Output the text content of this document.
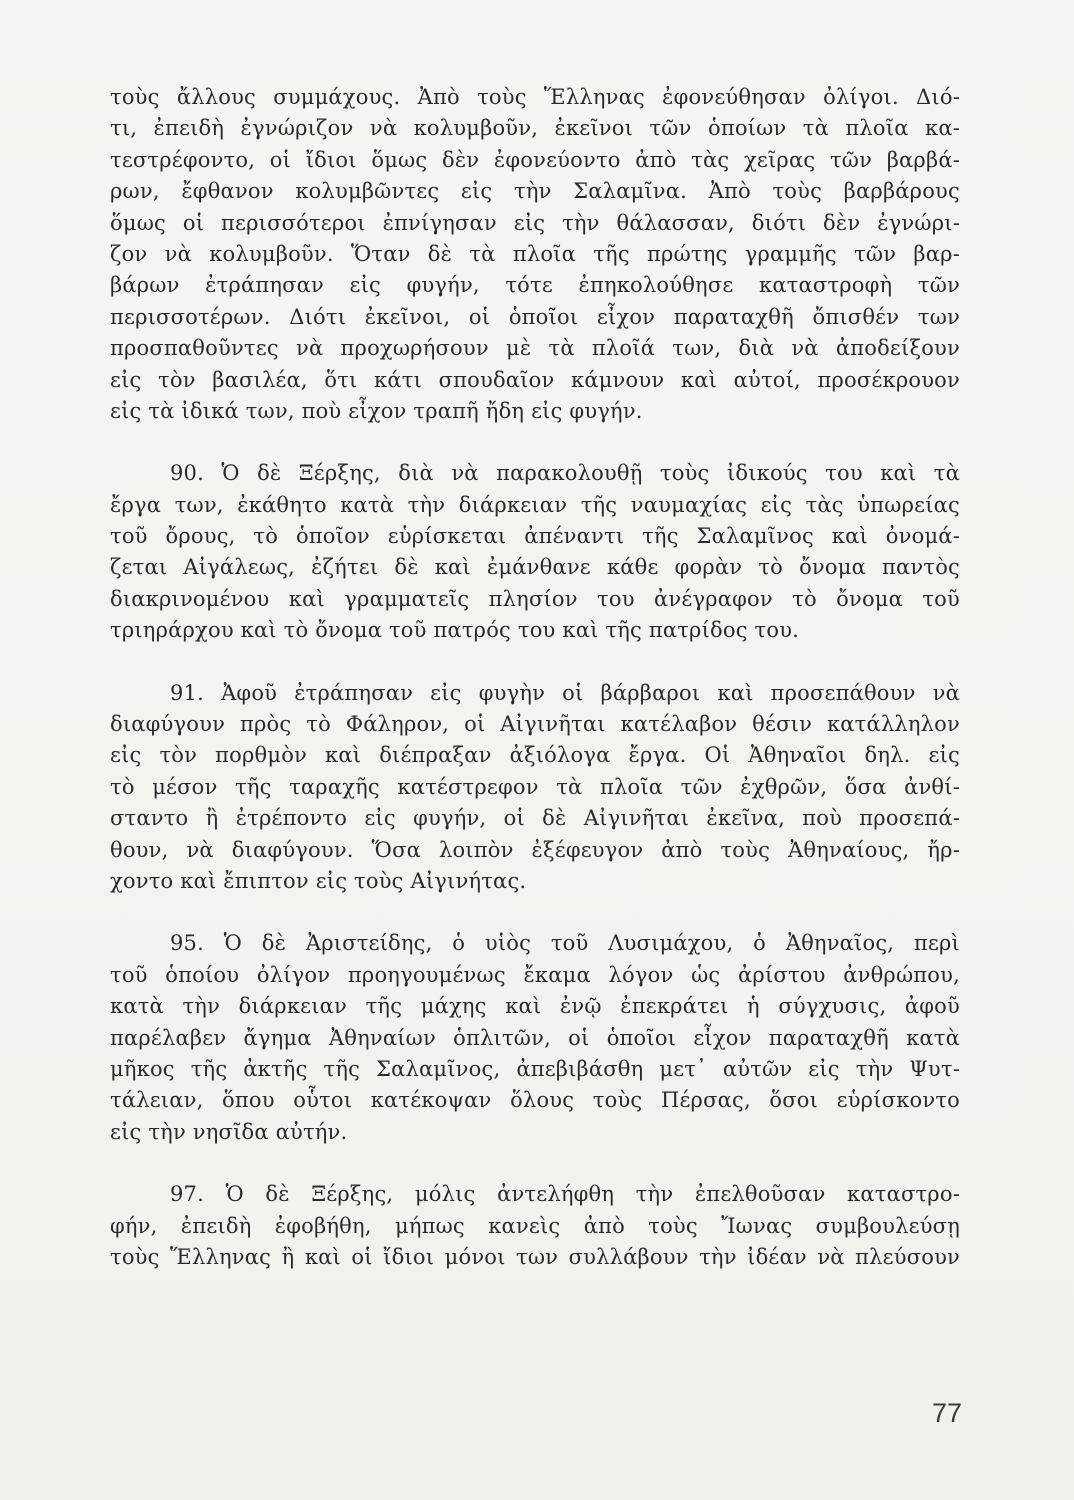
τοὺς ἄλλους συμμάχους. Ἀπὸ τοὺς Ἕλληνας ἐφονεύθησαν ὀλίγοι. Διό-
τι, ἐπειδὴ ἐγνώριζον νὰ κολυμβοῦν, ἐκεῖνοι τῶν ὁποίων τὰ πλοῖα κα-
τεστρέφοντο, οἱ ἴδιοι ὅμως δὲν ἐφονεύοντο ἀπὸ τὰς χεῖρας τῶν βαρβά-
ρων, ἔφθανον κολυμβῶντες εἰς τὴν Σαλαμῖνα. Ἀπὸ τοὺς βαρβάρους
ὅμως οἱ περισσότεροι ἐπνίγησαν εἰς τὴν θάλασσαν, διότι δὲν ἐγνώρι-
ζον νὰ κολυμβοῦν. Ὅταν δὲ τὰ πλοῖα τῆς πρώτης γραμμῆς τῶν βαρ-
βάρων ἐτράπησαν εἰς φυγήν, τότε ἐπηκολούθησε καταστροφὴ τῶν
περισσοτέρων. Διότι ἐκεῖνοι, οἱ ὁποῖοι εἶχον παραταχθῆ ὄπισθέν των
προσπαθοῦντες νὰ προχωρήσουν μὲ τὰ πλοῖά των, διὰ νὰ ἀποδείξουν
εἰς τὸν βασιλέα, ὅτι κάτι σπουδαῖον κάμνουν καὶ αὐτοί, προσέκρουον
εἰς τὰ ἰδικά των, ποὺ εἶχον τραπῆ ἤδη εἰς φυγήν.
90. Ὁ δὲ Ξέρξης, διὰ νὰ παρακολουθῇ τοὺς ἰδικούς του καὶ τὰ
ἔργα των, ἐκάθητο κατὰ τὴν διάρκειαν τῆς ναυμαχίας εἰς τὰς ὑπωρείας
τοῦ ὄρους, τὸ ὁποῖον εὑρίσκεται ἀπέναντι τῆς Σαλαμῖνος καὶ ὀνομά-
ζεται Αἰγάλεως, ἐζήτει δὲ καὶ ἐμάνθανε κάθε φορὰν τὸ ὄνομα παντὸς
διακρινομένου καὶ γραμματεῖς πλησίον του ἀνέγραφον τὸ ὄνομα τοῦ
τριηράρχου καὶ τὸ ὄνομα τοῦ πατρός του καὶ τῆς πατρίδος του.
91. Ἀφοῦ ἐτράπησαν εἰς φυγὴν οἱ βάρβαροι καὶ προσεπάθουν νὰ
διαφύγουν πρὸς τὸ Φάληρον, οἱ Αἰγινῆται κατέλαβον θέσιν κατάλληλον
εἰς τὸν πορθμὸν καὶ διέπραξαν ἀξιόλογα ἔργα. Οἱ Ἀθηναῖοι δηλ. εἰς
τὸ μέσον τῆς ταραχῆς κατέστρεφον τὰ πλοῖα τῶν ἐχθρῶν, ὅσα ἀνθί-
σταντο ἢ ἐτρέποντο εἰς φυγήν, οἱ δὲ Αἰγινῆται ἐκεῖνα, ποὺ προσεπά-
θουν, νὰ διαφύγουν. Ὅσα λοιπὸν ἐξέφευγον ἀπὸ τοὺς Ἀθηναίους, ἤρ-
χοντο καὶ ἔπιπτον εἰς τοὺς Αἰγινήτας.
95. Ὁ δὲ Ἀριστείδης, ὁ υἱὸς τοῦ Λυσιμάχου, ὁ Ἀθηναῖος, περὶ
τοῦ ὁποίου ὀλίγον προηγουμένως ἔκαμα λόγον ὡς ἀρίστου ἀνθρώπου,
κατὰ τὴν διάρκειαν τῆς μάχης καὶ ἐνῷ ἐπεκράτει ἡ σύγχυσις, ἀφοῦ
παρέλαβεν ἄγημα Ἀθηναίων ὁπλιτῶν, οἱ ὁποῖοι εἶχον παραταχθῆ κατὰ
μῆκος τῆς ἀκτῆς τῆς Σαλαμῖνος, ἀπεβιβάσθη μετ᾽ αὐτῶν εἰς τὴν Ψυτ-
τάλειαν, ὅπου οὗτοι κατέκοψαν ὅλους τοὺς Πέρσας, ὅσοι εὑρίσκοντο
εἰς τὴν νησῖδα αὐτήν.
97. Ὁ δὲ Ξέρξης, μόλις ἀντελήφθη τὴν ἐπελθοῦσαν καταστρο-
φήν, ἐπειδὴ ἐφοβήθη, μήπως κανεὶς ἀπὸ τοὺς Ἴωνας συμβουλεύσῃ
τοὺς Ἕλληνας ἢ καὶ οἱ ἴδιοι μόνοι των συλλάβουν τὴν ἰδέαν νὰ πλεύσουν
77
